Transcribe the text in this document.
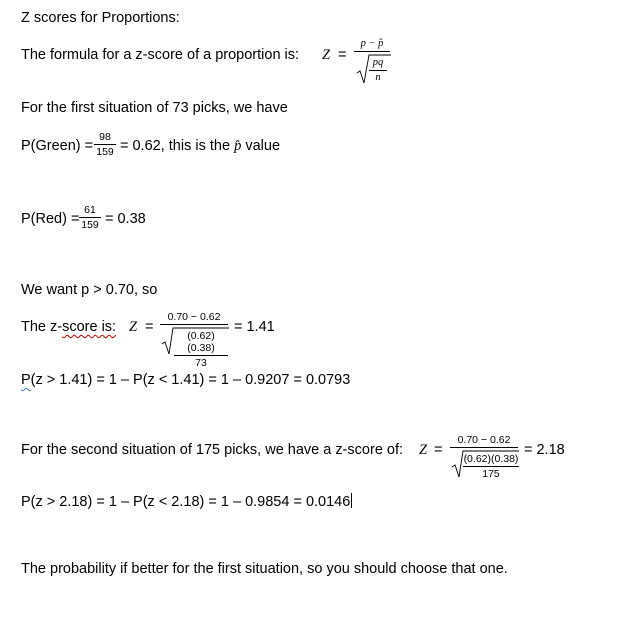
Z scores for Proportions:
The formula for a z-score of a proportion is: Z =
p − p̂
pq
n
For the first situation of 73 picks, we have
P(Green) =
98
159 = 0.62, this is the p̂ value
P(Red) =
61
159 = 0.38
We want p > 0.70, so
The z-score is: Z =
0.70 − 0.62
(0.62)(0.38)
73
= 1.41
P(z > 1.41) = 1 – P(z < 1.41) = 1 – 0.9207 = 0.0793
For the second situation of 175 picks, we have a z-score of: Z =
0.70 − 0.62
(0.62)(0.38)
175
= 2.18
P(z > 2.18) = 1 – P(z < 2.18) = 1 – 0.9854 = 0.0146
The probability if better for the first situation, so you should choose that one.
